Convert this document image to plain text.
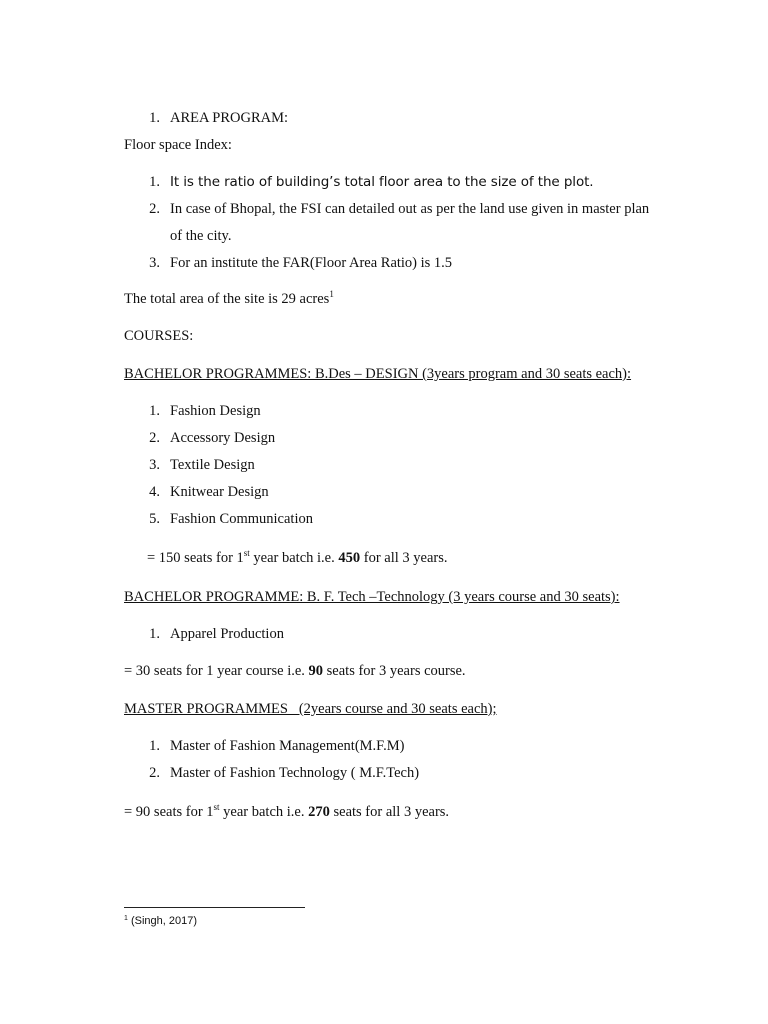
1. AREA PROGRAM:
Floor space Index:
1. It is the ratio of building’s total floor area to the size of the plot.
2. In case of Bhopal, the FSI can detailed out as per the land use given in master plan
of the city.
3. For an institute the FAR(Floor Area Ratio) is 1.5
The total area of the site is 29 acres$^1$
COURSES:
BACHELOR PROGRAMMES: B.Des – DESIGN (3years program and 30 seats each):
1. Fashion Design
2. Accessory Design
3. Textile Design
4. Knitwear Design
5. Fashion Communication
= 150 seats for 1st year batch i.e. 450 for all 3 years.
BACHELOR PROGRAMME: B. F. Tech –Technology (3 years course and 30 seats):
1. Apparel Production
= 30 seats for 1 year course i.e. 90 seats for 3 years course.
MASTER PROGRAMMES   (2years course and 30 seats each);
1. Master of Fashion Management(M.F.M)
2. Master of Fashion Technology ( M.F.Tech)
= 90 seats for 1st year batch i.e. 270 seats for all 3 years.
$^1$ (Singh, 2017)
